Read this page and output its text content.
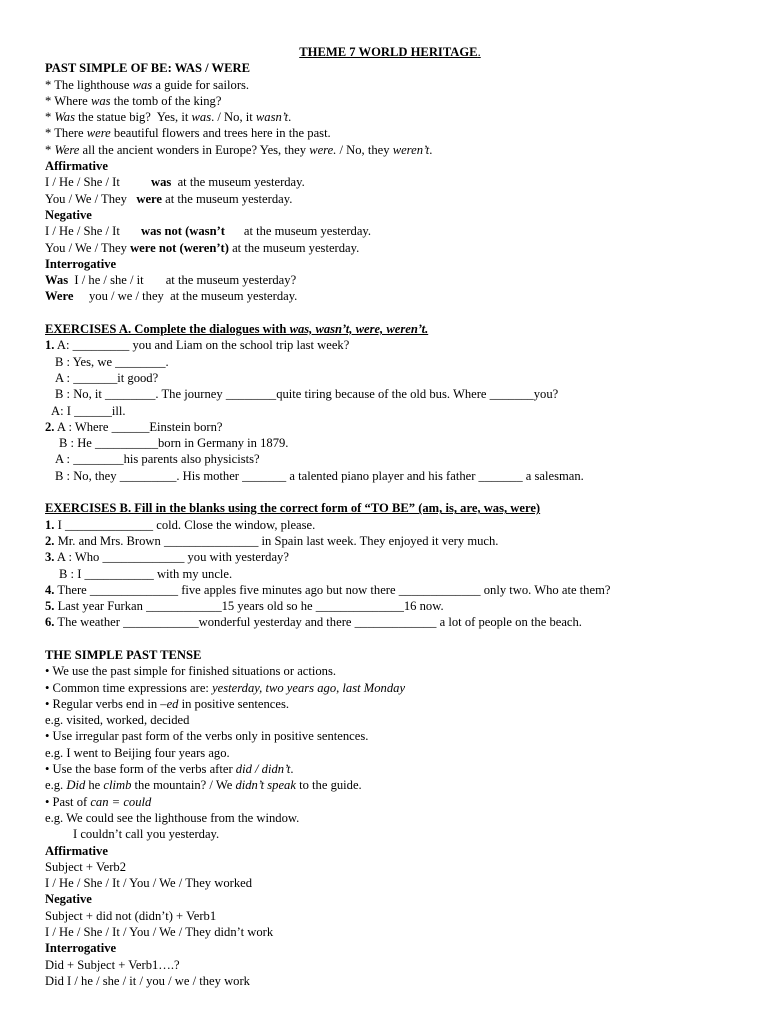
THEME 7 WORLD HERITAGE.
PAST SIMPLE OF BE: WAS / WERE
* The lighthouse was a guide for sailors.
* Where was the tomb of the king?
* Was the statue big?  Yes, it was. / No, it wasn’t.
* There were beautiful flowers and trees here in the past.
* Were all the ancient wonders in Europe? Yes, they were. / No, they weren’t.
Affirmative
I / He / She / It was at the museum yesterday.
You / We / They were at the museum yesterday.
Negative
I / He / She / It was not (wasn’t at the museum yesterday.
You / We / They were not (weren’t) at the museum yesterday.
Interrogative
Was I / he / she / it at the museum yesterday?
Were you / we / they at the museum yesterday.
EXERCISES A. Complete the dialogues with was, wasn’t, were, weren’t.
1. A: _________ you and Liam on the school trip last week?
B : Yes, we ________.
A : _______it good?
B : No, it ________. The journey ________quite tiring because of the old bus. Where _______you?
A: I ______ill.
2. A : Where ______Einstein born?
B : He __________born in Germany in 1879.
A : ________his parents also physicists?
B : No, they _________. His mother _______ a talented piano player and his father _______ a salesman.
EXERCISES B. Fill in the blanks using the correct form of “TO BE” (am, is, are, was, were)
1. I ______________ cold. Close the window, please.
2. Mr. and Mrs. Brown _______________ in Spain last week. They enjoyed it very much.
3. A : Who _____________ you with yesterday?
B : I ___________ with my uncle.
4. There ______________ five apples five minutes ago but now there _____________ only two. Who ate them?
5. Last year Furkan ____________15 years old so he ______________16 now.
6. The weather ____________wonderful yesterday and there _____________ a lot of people on the beach.
THE SIMPLE PAST TENSE
• We use the past simple for finished situations or actions.
• Common time expressions are: yesterday, two years ago, last Monday
• Regular verbs end in –ed in positive sentences.
e.g. visited, worked, decided
• Use irregular past form of the verbs only in positive sentences.
e.g. I went to Beijing four years ago.
• Use the base form of the verbs after did / didn’t.
e.g. Did he climb the mountain? / We didn’t speak to the guide.
• Past of can = could
e.g. We could see the lighthouse from the window.
I couldn’t call you yesterday.
Affirmative
Subject + Verb2
I / He / She / It / You / We / They worked
Negative
Subject + did not (didn’t) + Verb1
I / He / She / It / You / We / They didn’t work
Interrogative
Did + Subject + Verb1….?
Did I / he / she / it / you / we / they work
